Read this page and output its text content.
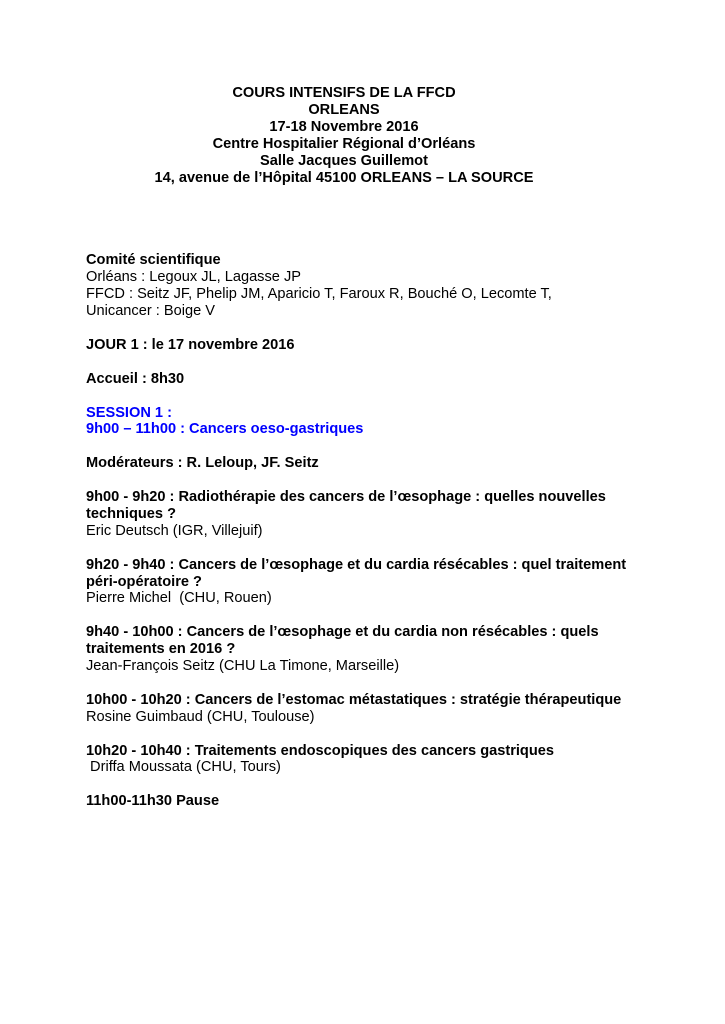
COURS INTENSIFS DE LA FFCD
ORLEANS
17-18 Novembre 2016
Centre Hospitalier Régional d’Orléans
Salle Jacques Guillemot
14, avenue de l’Hôpital 45100 ORLEANS – LA SOURCE
Comité scientifique
Orléans : Legoux JL, Lagasse JP
FFCD : Seitz JF, Phelip JM, Aparicio T, Faroux R, Bouché O, Lecomte T,
Unicancer : Boige V
JOUR 1 : le 17 novembre 2016
Accueil : 8h30
SESSION 1 :
9h00 – 11h00 : Cancers oeso-gastriques
Modérateurs : R. Leloup, JF. Seitz
9h00 - 9h20 : Radiothérapie des cancers de l’œsophage : quelles nouvelles
techniques ?
Eric Deutsch (IGR, Villejuif)
9h20 - 9h40 : Cancers de l’œsophage et du cardia résécables : quel traitement
péri-opératoire ?
Pierre Michel  (CHU, Rouen)
9h40 - 10h00 : Cancers de l’œsophage et du cardia non résécables : quels
traitements en 2016 ?
Jean-François Seitz (CHU La Timone, Marseille)
10h00 - 10h20 : Cancers de l’estomac métastatiques : stratégie thérapeutique
Rosine Guimbaud (CHU, Toulouse)
10h20 - 10h40 : Traitements endoscopiques des cancers gastriques
Driffa Moussata (CHU, Tours)
11h00-11h30 Pause
